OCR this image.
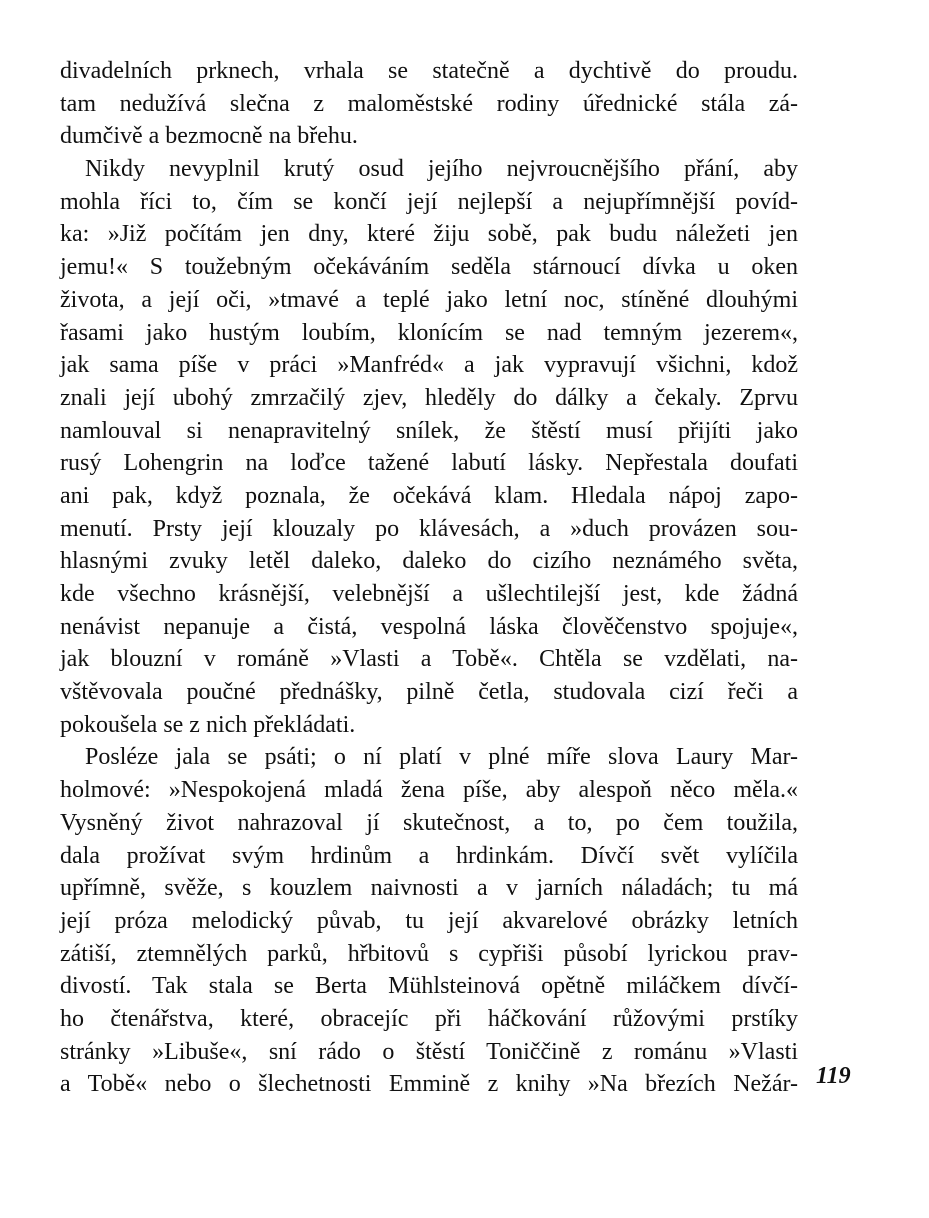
divadelních prknech, vrhala se statečně a dychtivě do proudu.
tam nedužívá slečna z maloměstské rodiny úřednické stála zá-
dumčivě a bezmocně na břehu.
Nikdy nevyplnil krutý osud jejího nejvroucnějšího přání, aby
mohla říci to, čím se končí její nejlepší a nejupřímnější povíd-
ka: »Již počítám jen dny, které žiju sobě, pak budu náležeti jen
jemu!« S toužebným očekáváním seděla stárnoucí dívka u oken
života, a její oči, »tmavé a teplé jako letní noc, stíněné dlouhými
řasami jako hustým loubím, klonícím se nad temným jezerem«,
jak sama píše v práci »Manfréd« a jak vypravují všichni, kdož
znali její ubohý zmrzačilý zjev, hleděly do dálky a čekaly. Zprvu
namlouval si nenapravitelný snílek, že štěstí musí přijíti jako
rusý Lohengrin na loďce tažené labutí lásky. Nepřestala doufati
ani pak, když poznala, že očekává klam. Hledala nápoj zapo-
menutí. Prsty její klouzaly po klávesách, a »duch provázen sou-
hlasnými zvuky letěl daleko, daleko do cizího neznámého světa,
kde všechno krásnější, velebnější a ušlechtilejší jest, kde žádná
nenávist nepanuje a čistá, vespolná láska člověčenstvo spojuje«,
jak blouzní v románě »Vlasti a Tobě«. Chtěla se vzdělati, na-
vštěvovala poučné přednášky, pilně četla, studovala cizí řeči a
pokoušela se z nich překládati.
Posléze jala se psáti; o ní platí v plné míře slova Laury Mar-
holmové: »Nespokojená mladá žena píše, aby alespoň něco měla.«
Vysněný život nahrazoval jí skutečnost, a to, po čem toužila,
dala prožívat svým hrdinům a hrdinkám. Dívčí svět vylíčila
upřímně, svěže, s kouzlem naivnosti a v jarních náladách; tu má
její próza melodický půvab, tu její akvarelové obrázky letních
zátiší, ztemnělých parků, hřbitovů s cypřiši působí lyrickou prav-
divostí. Tak stala se Berta Mühlsteinová opětně miláčkem dívčí-
ho čtenářstva, které, obracejíc při háčkování růžovými prstíky
stránky »Libuše«, sní rádo o štěstí Toniččině z románu »Vlasti
a Tobě« nebo o šlechetnosti Emmině z knihy »Na březích Nežár- 119
